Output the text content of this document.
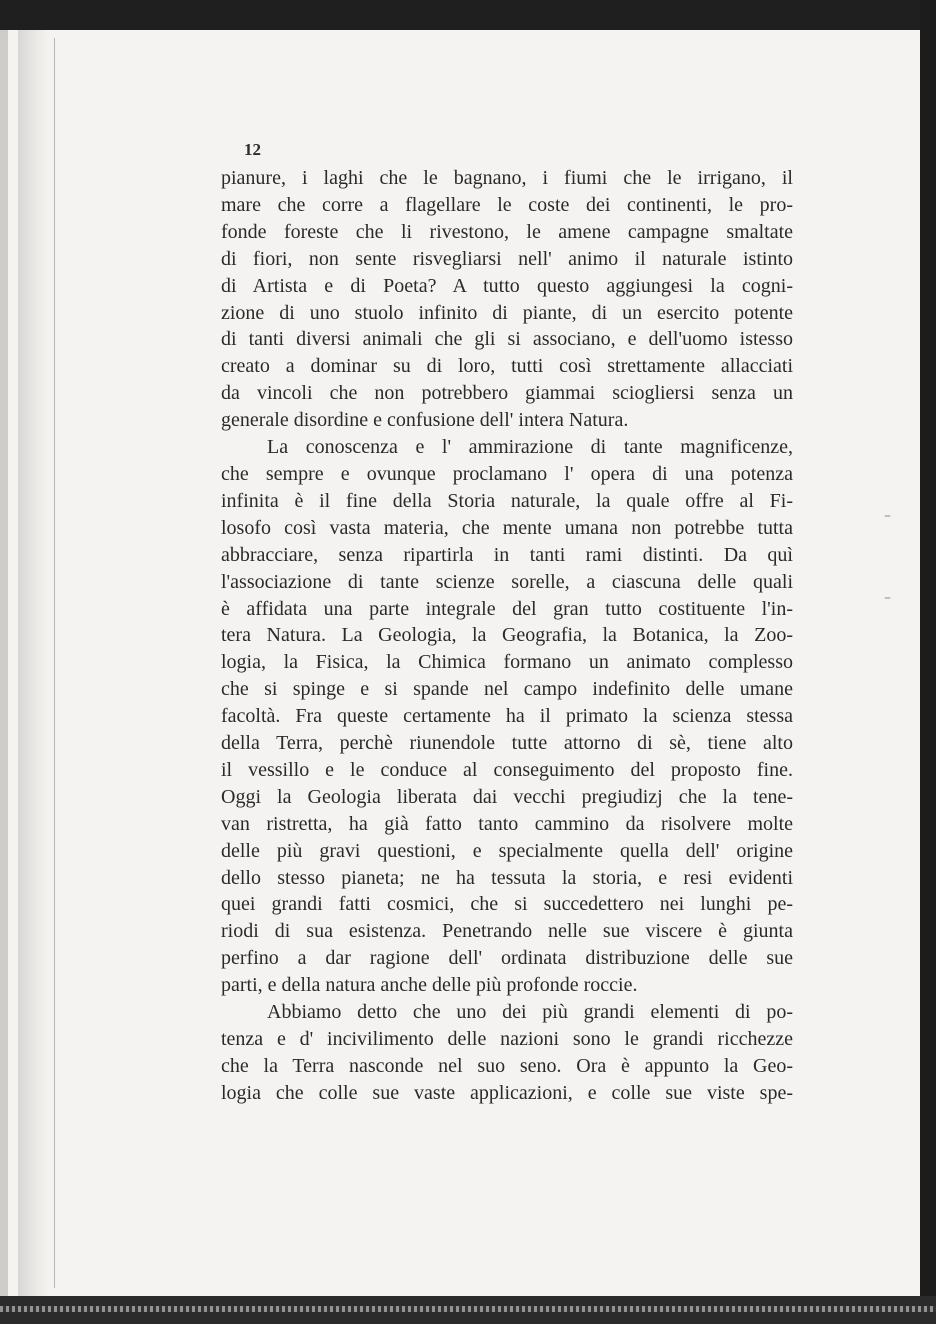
12
pianure, i laghi che le bagnano, i fiumi che le irrigano, il
mare che corre a flagellare le coste dei continenti, le pro-
fonde foreste che li rivestono, le amene campagne smaltate
di fiori, non sente risvegliarsi nell' animo il naturale istinto
di Artista e di Poeta? A tutto questo aggiungesi la cogni-
zione di uno stuolo infinito di piante, di un esercito potente
di tanti diversi animali che gli si associano, e dell'uomo istesso
creato a dominar su di loro, tutti così strettamente allacciati
da vincoli che non potrebbero giammai sciogliersi senza un
generale disordine e confusione dell' intera Natura.
La conoscenza e l' ammirazione di tante magnificenze,
che sempre e ovunque proclamano l' opera di una potenza
infinita è il fine della Storia naturale, la quale offre al Fi-
losofo così vasta materia, che mente umana non potrebbe tutta
abbracciare, senza ripartirla in tanti rami distinti. Da quì
l'associazione di tante scienze sorelle, a ciascuna delle quali
è affidata una parte integrale del gran tutto costituente l'in-
tera Natura. La Geologia, la Geografia, la Botanica, la Zoo-
logia, la Fisica, la Chimica formano un animato complesso
che si spinge e si spande nel campo indefinito delle umane
facoltà. Fra queste certamente ha il primato la scienza stessa
della Terra, perchè riunendole tutte attorno di sè, tiene alto
il vessillo e le conduce al conseguimento del proposto fine.
Oggi la Geologia liberata dai vecchi pregiudizj che la tene-
van ristretta, ha già fatto tanto cammino da risolvere molte
delle più gravi questioni, e specialmente quella dell' origine
dello stesso pianeta; ne ha tessuta la storia, e resi evidenti
quei grandi fatti cosmici, che si succedettero nei lunghi pe-
riodi di sua esistenza. Penetrando nelle sue viscere è giunta
perfino a dar ragione dell' ordinata distribuzione delle sue
parti, e della natura anche delle più profonde roccie.
Abbiamo detto che uno dei più grandi elementi di po-
tenza e d' incivilimento delle nazioni sono le grandi ricchezze
che la Terra nasconde nel suo seno. Ora è appunto la Geo-
logia che colle sue vaste applicazioni, e colle sue viste spe-
–
–
